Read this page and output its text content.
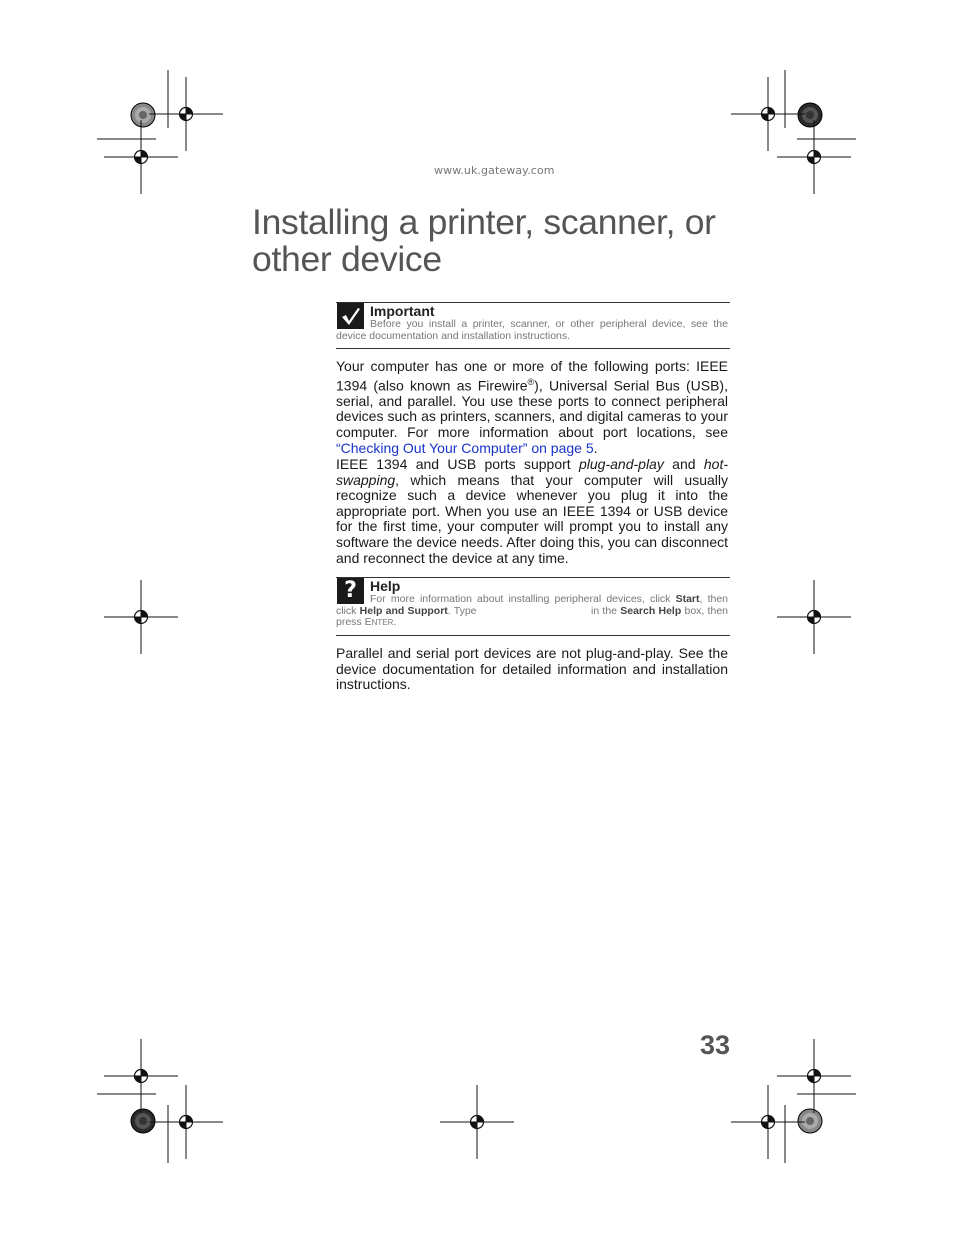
www.uk.gateway.com
Installing a printer, scanner, or other device

Important

Before you install a printer, scanner, or other peripheral device, see the device documentation and installation instructions.

Your computer has one or more of the following ports: IEEE 1394 (also known as Firewire®), Universal Serial Bus (USB), serial, and parallel. You use these ports to connect peripheral devices such as printers, scanners, and digital cameras to your computer. For more information about port locations, see “Checking Out Your Computer” on page 5.

IEEE 1394 and USB ports support plug-and-play and hot-swapping, which means that your computer will usually recognize such a device whenever you plug it into the appropriate port. When you use an IEEE 1394 or USB device for the first time, your computer will prompt you to install any software the device needs. After doing this, you can disconnect and reconnect the device at any time.

? Help

For more information about installing peripheral devices, click Start, then click Help and Support. Type	in the Search Help box, then press ENTER.

Parallel and serial port devices are not plug-and-play. See the device documentation for detailed information and installation instructions.

33
